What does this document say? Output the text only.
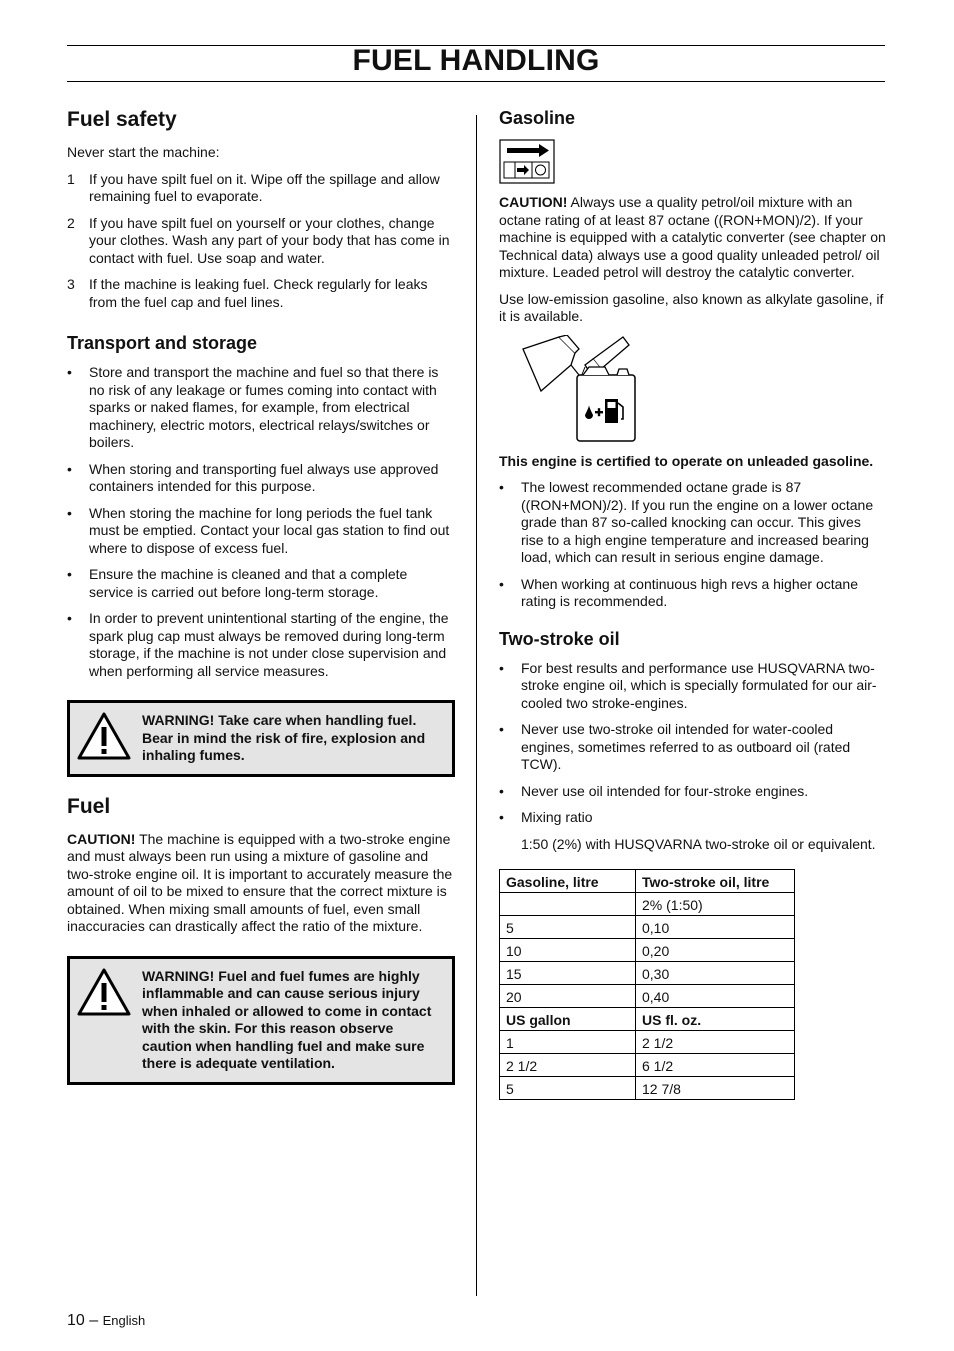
FUEL HANDLING
Fuel safety

Never start the machine:

1 If you have spilt fuel on it. Wipe off the spillage and allow remaining fuel to evaporate.
2 If you have spilt fuel on yourself or your clothes, change your clothes. Wash any part of your body that has come in contact with fuel. Use soap and water.
3 If the machine is leaking fuel. Check regularly for leaks from the fuel cap and fuel lines.
Transport and storage
• Store and transport the machine and fuel so that there is no risk of any leakage or fumes coming into contact with sparks or naked flames, for example, from electrical machinery, electric motors, electrical relays/switches or boilers.
• When storing and transporting fuel always use approved containers intended for this purpose.
• When storing the machine for long periods the fuel tank must be emptied. Contact your local gas station to find out where to dispose of excess fuel.
• Ensure the machine is cleaned and that a complete service is carried out before long-term storage.
• In order to prevent unintentional starting of the engine, the spark plug cap must always be removed during long-term storage, if the machine is not under close supervision and when performing all service measures.
WARNING! Take care when handling fuel. Bear in mind the risk of fire, explosion and inhaling fumes.
Fuel

CAUTION! The machine is equipped with a two-stroke engine and must always been run using a mixture of gasoline and two-stroke engine oil. It is important to accurately measure the amount of oil to be mixed to ensure that the correct mixture is obtained. When mixing small amounts of fuel, even small inaccuracies can drastically affect the ratio of the mixture.

WARNING! Fuel and fuel fumes are highly inflammable and can cause serious injury when inhaled or allowed to come in contact with the skin. For this reason observe caution when handling fuel and make sure there is adequate ventilation.
Gasoline

CAUTION! Always use a quality petrol/oil mixture with an octane rating of at least 87 octane ((RON+MON)/2). If your machine is equipped with a catalytic converter (see chapter on Technical data) always use a good quality unleaded petrol/ oil mixture. Leaded petrol will destroy the catalytic converter.

Use low-emission gasoline, also known as alkylate gasoline, if it is available.

This engine is certified to operate on unleaded gasoline.

• The lowest recommended octane grade is 87 ((RON+MON)/2). If you run the engine on a lower octane grade than 87 so-called knocking can occur. This gives rise to a high engine temperature and increased bearing load, which can result in serious engine damage.
• When working at continuous high revs a higher octane rating is recommended.
Two-stroke oil
• For best results and performance use HUSQVARNA two-stroke engine oil, which is specially formulated for our air-cooled two stroke-engines.
• Never use two-stroke oil intended for water-cooled engines, sometimes referred to as outboard oil (rated TCW).
• Never use oil intended for four-stroke engines.
• Mixing ratio

1:50 (2%) with HUSQVARNA two-stroke oil or equivalent.

Gasoline, litre	Two-stroke oil, litre
	2% (1:50)
5	0,10
10	0,20
15	0,30
20	0,40
US gallon	US fl. oz.
1	2 1/2
2 1/2	6 1/2
5	12 7/8
10 – English
